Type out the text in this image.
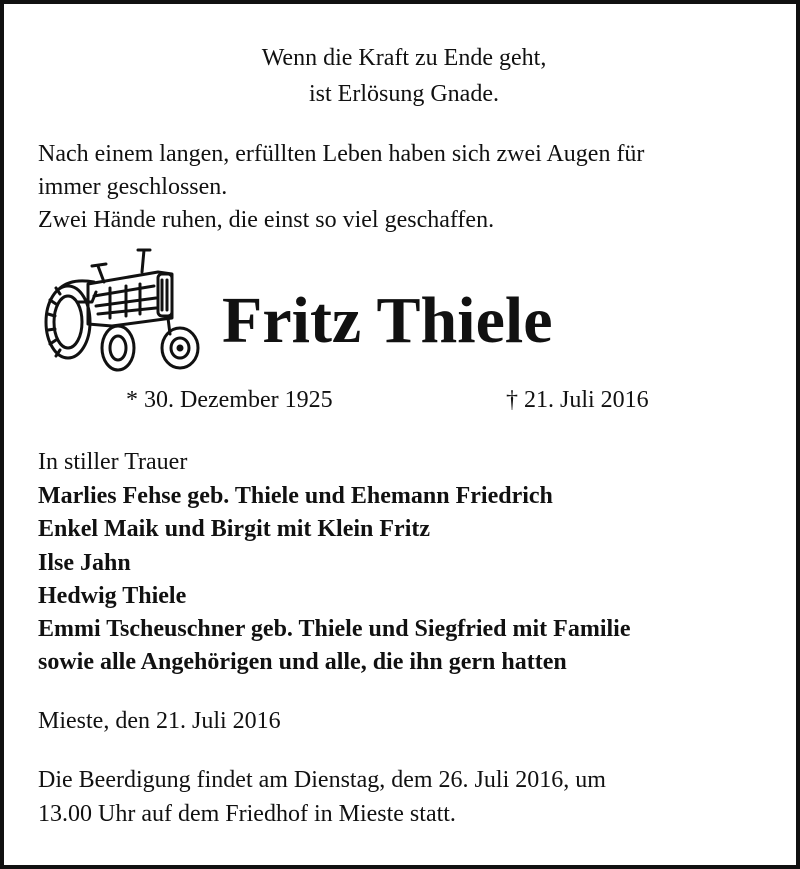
Wenn die Kraft zu Ende geht,
ist Erlösung Gnade.
Nach einem langen, erfüllten Leben haben sich zwei Augen für
immer geschlossen.
Zwei Hände ruhen, die einst so viel geschaffen.
Fritz Thiele
* 30. Dezember 1925	† 21. Juli 2016
In stiller Trauer
Marlies Fehse geb. Thiele und Ehemann Friedrich
Enkel Maik und Birgit mit Klein Fritz
Ilse Jahn
Hedwig Thiele
Emmi Tscheuschner geb. Thiele und Siegfried mit Familie
sowie alle Angehörigen und alle, die ihn gern hatten
Mieste, den 21. Juli 2016
Die Beerdigung findet am Dienstag, dem 26. Juli 2016, um
13.00 Uhr auf dem Friedhof in Mieste statt.
